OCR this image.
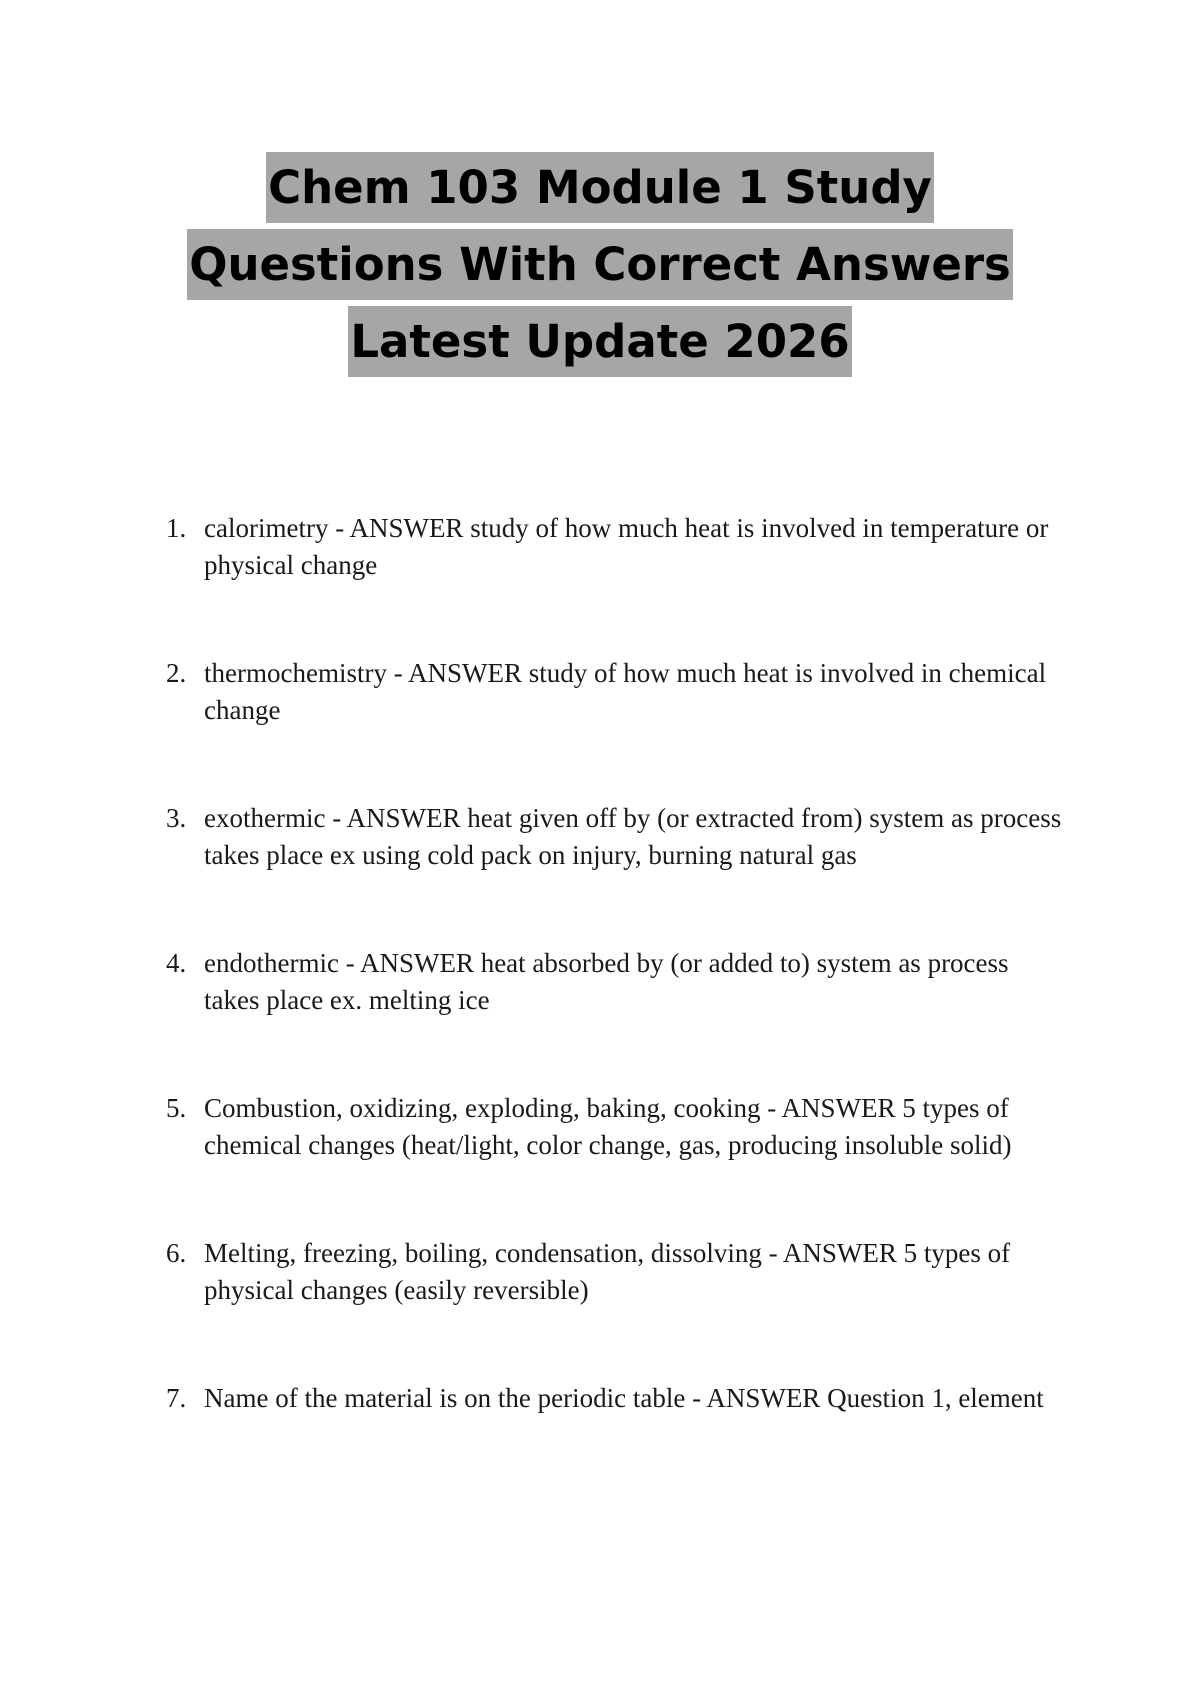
Chem 103 Module 1 Study
Questions With Correct Answers
Latest Update 2026
1. calorimetry - ANSWER study of how much heat is involved in temperature or physical change
2. thermochemistry - ANSWER study of how much heat is involved in chemical change
3. exothermic - ANSWER heat given off by (or extracted from) system as process takes place ex using cold pack on injury, burning natural gas
4. endothermic - ANSWER heat absorbed by (or added to) system as process takes place ex. melting ice
5. Combustion, oxidizing, exploding, baking, cooking - ANSWER 5 types of chemical changes (heat/light, color change, gas, producing insoluble solid)
6. Melting, freezing, boiling, condensation, dissolving - ANSWER 5 types of physical changes (easily reversible)
7. Name of the material is on the periodic table - ANSWER Question 1, element
